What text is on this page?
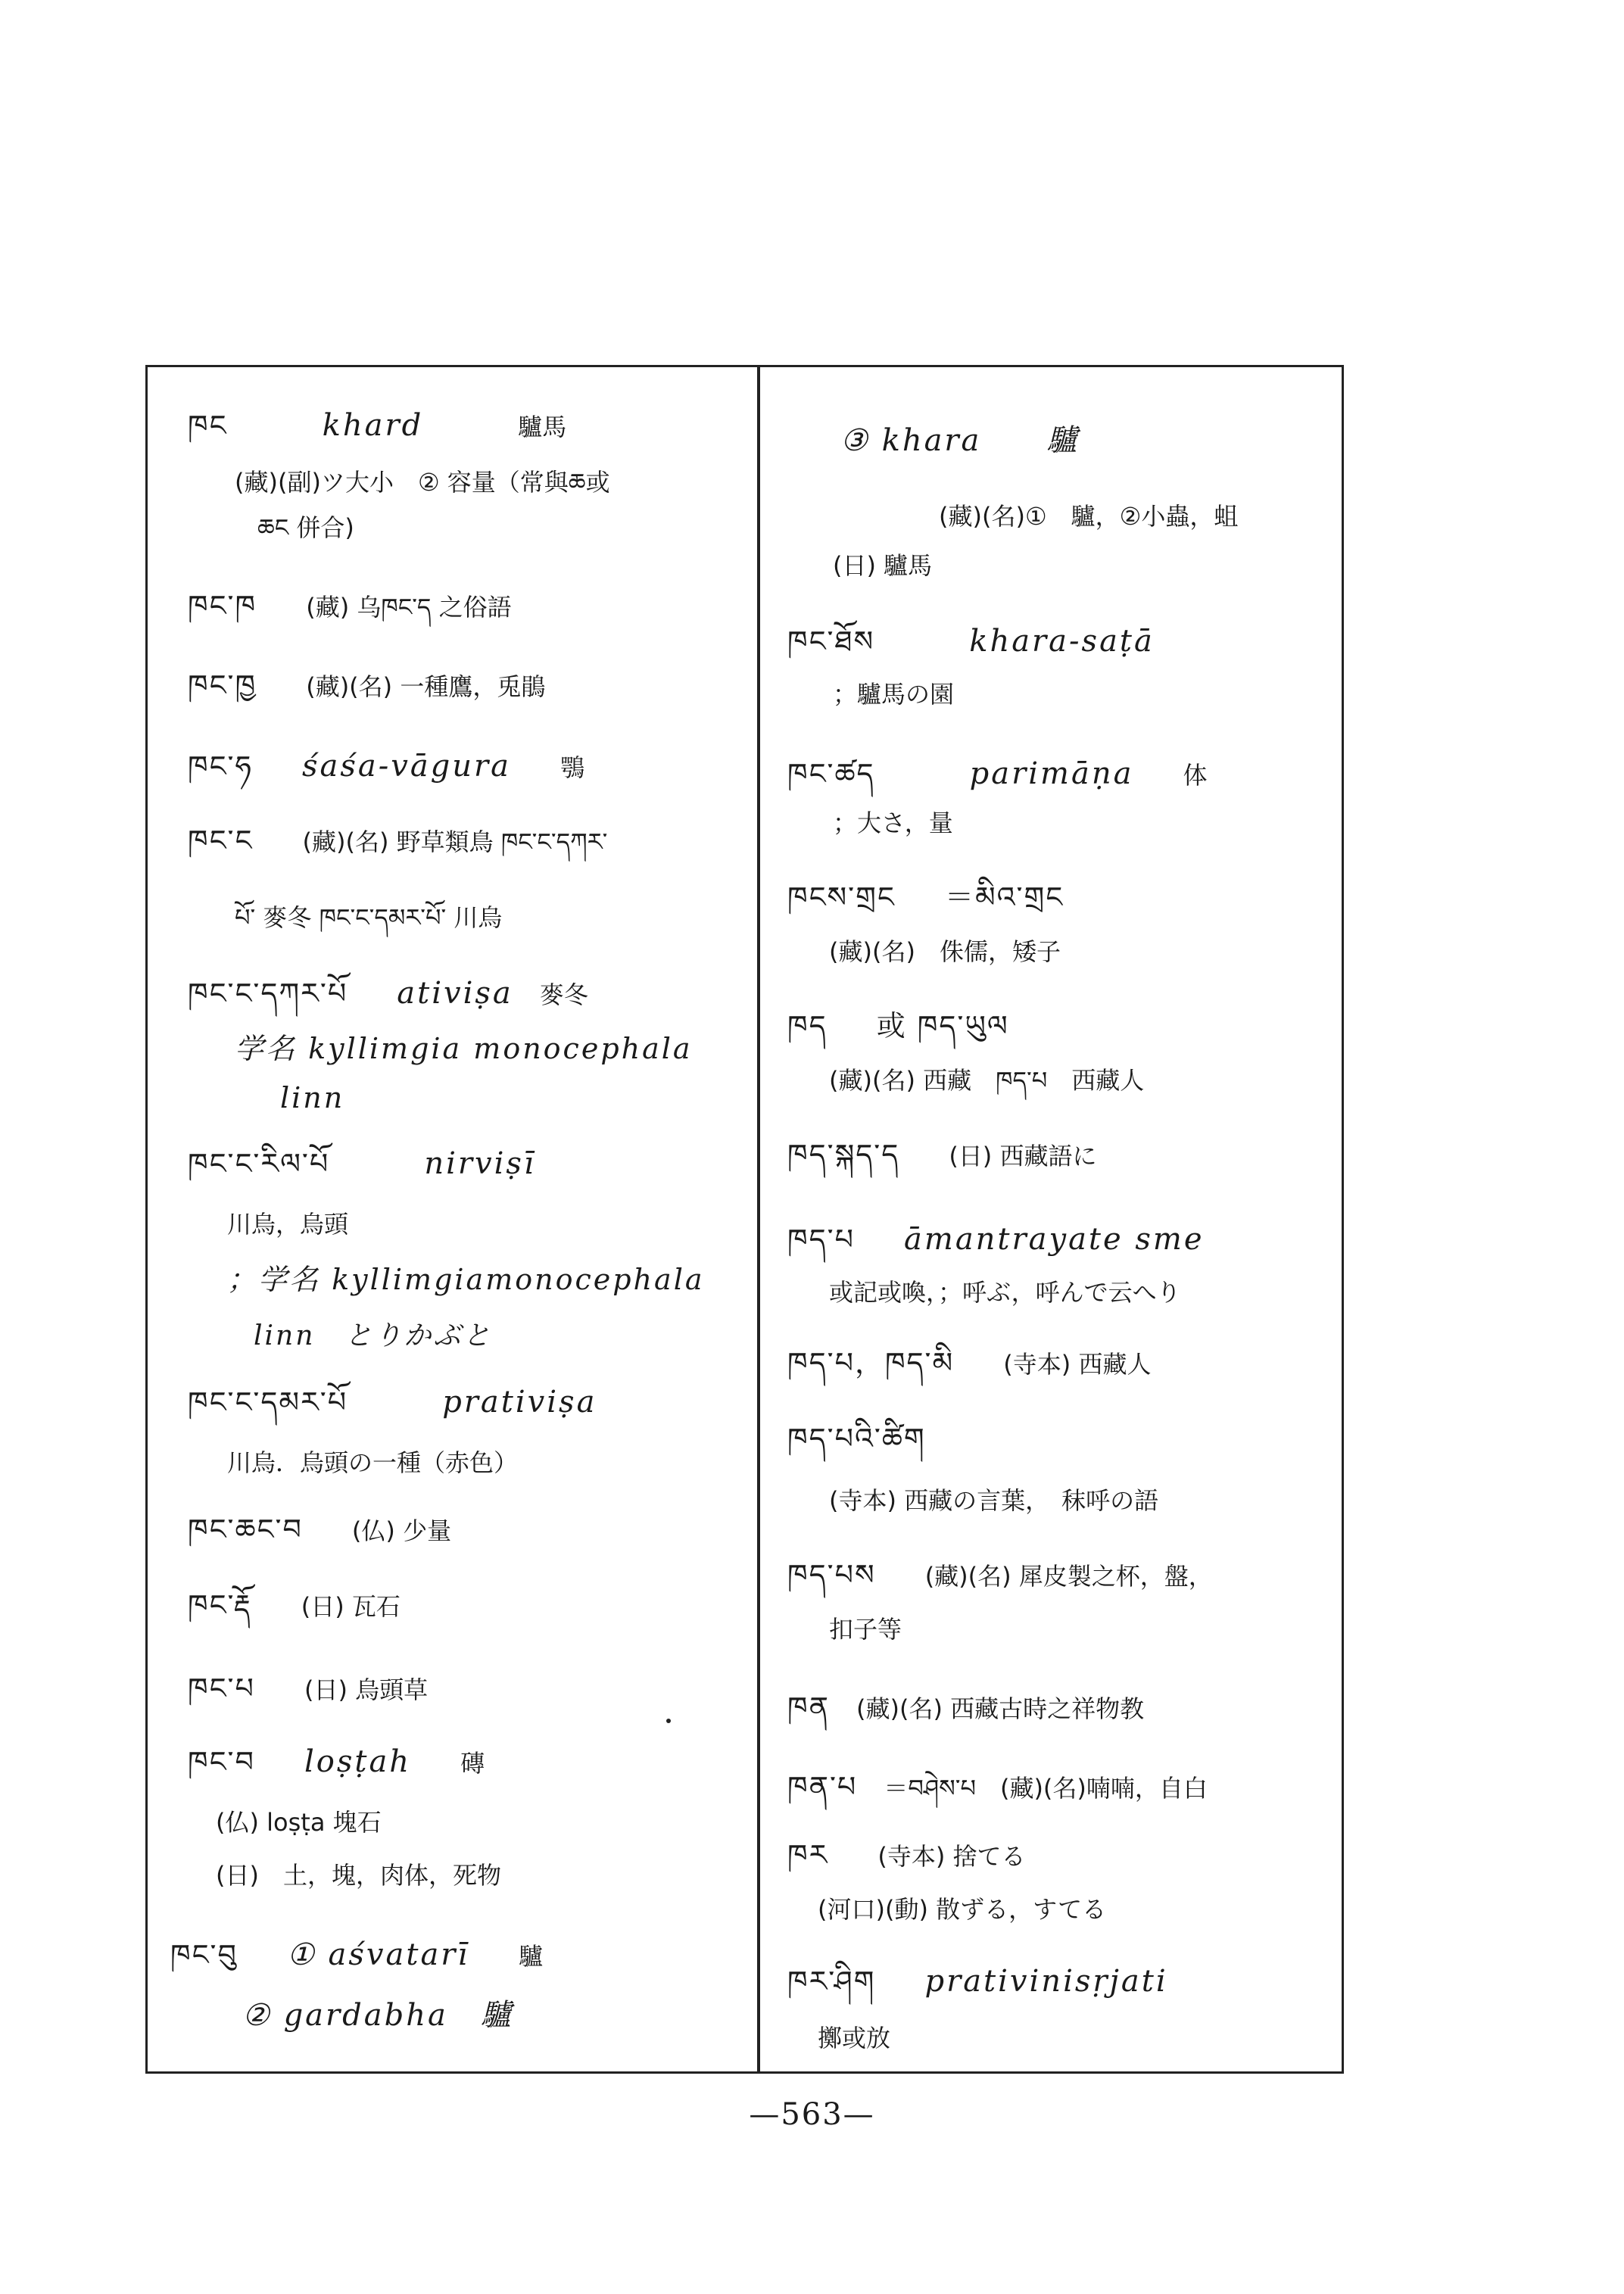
ཁང	khard	驢馬
(藏)(副)ツ大小　② 容量（常與ཆ或
ཆང 併合)
ཁང་ཁ (藏) 乌ཁང་ད 之俗語
ཁང་ཁྱ (藏)(名) 一種鷹，兎鵑
ཁང་ཧ śaśa-vāgura 鶚
ཁང་ང (藏)(名) 野草類鳥 ཁང་ང་དཀར་
པོ་ 麥冬 ཁང་ང་དམར་པོ་ 川烏
ཁང་ང་དཀར་པོ ativiṣa 麥冬
学名 kyllimgia monocephala
linn
ཁང་ང་རིལ་པོ	nirviṣī
川烏，烏頭
；学名 kyllimgiamonocephala
linn　とりかぶと
ཁང་ང་དམར་པོ	prativiṣa
川烏．烏頭の一種（赤色）
ཁང་ཆང་བ (仏) 少量
ཁང་རྡོ (日) 瓦石
ཁང་པ (日) 烏頭草
ཁང་བ loṣṭah 磚
(仏) loṣṭa 塊石
(日)　土，塊，肉体，死物
ཁང་བུ ① aśvatarī 驢
② gardabha　驢
③ khara　　驢
(藏)(名)①　驢，②小蟲，蛆
(日) 驢馬
ཁང་ཐོས	khara-saṭā
；驢馬の園
ཁང་ཚད	parimāṇa 体
；大さ，量
ཁངས་གྲང ＝མིའ་གྲང
(藏)(名)　侏儒，矮子
ཁད 或 ཁད་ཡུལ
(藏)(名) 西藏　ཁད་པ　西藏人
ཁད་སྐད་ད (日) 西藏語に
ཁད་པ āmantrayate sme
或記或喚，；呼ぶ，呼んで云へり
ཁད་པ，ཁད་མི (寺本) 西藏人
ཁད་པའི་ཚིག
(寺本) 西藏の言葉，　秣呼の語
ཁད་པས (藏)(名) 犀皮製之杯，盤，
扣子等
ཁན (藏)(名) 西藏古時之祥物教
ཁན་པ ＝བཤེས་པ　(藏)(名)喃喃，自白
ཁར (寺本) 捨てる
(河口)(動) 散ずる，すてる
ཁར་ཤིག prativinisṛjati
擲或放
—563—
